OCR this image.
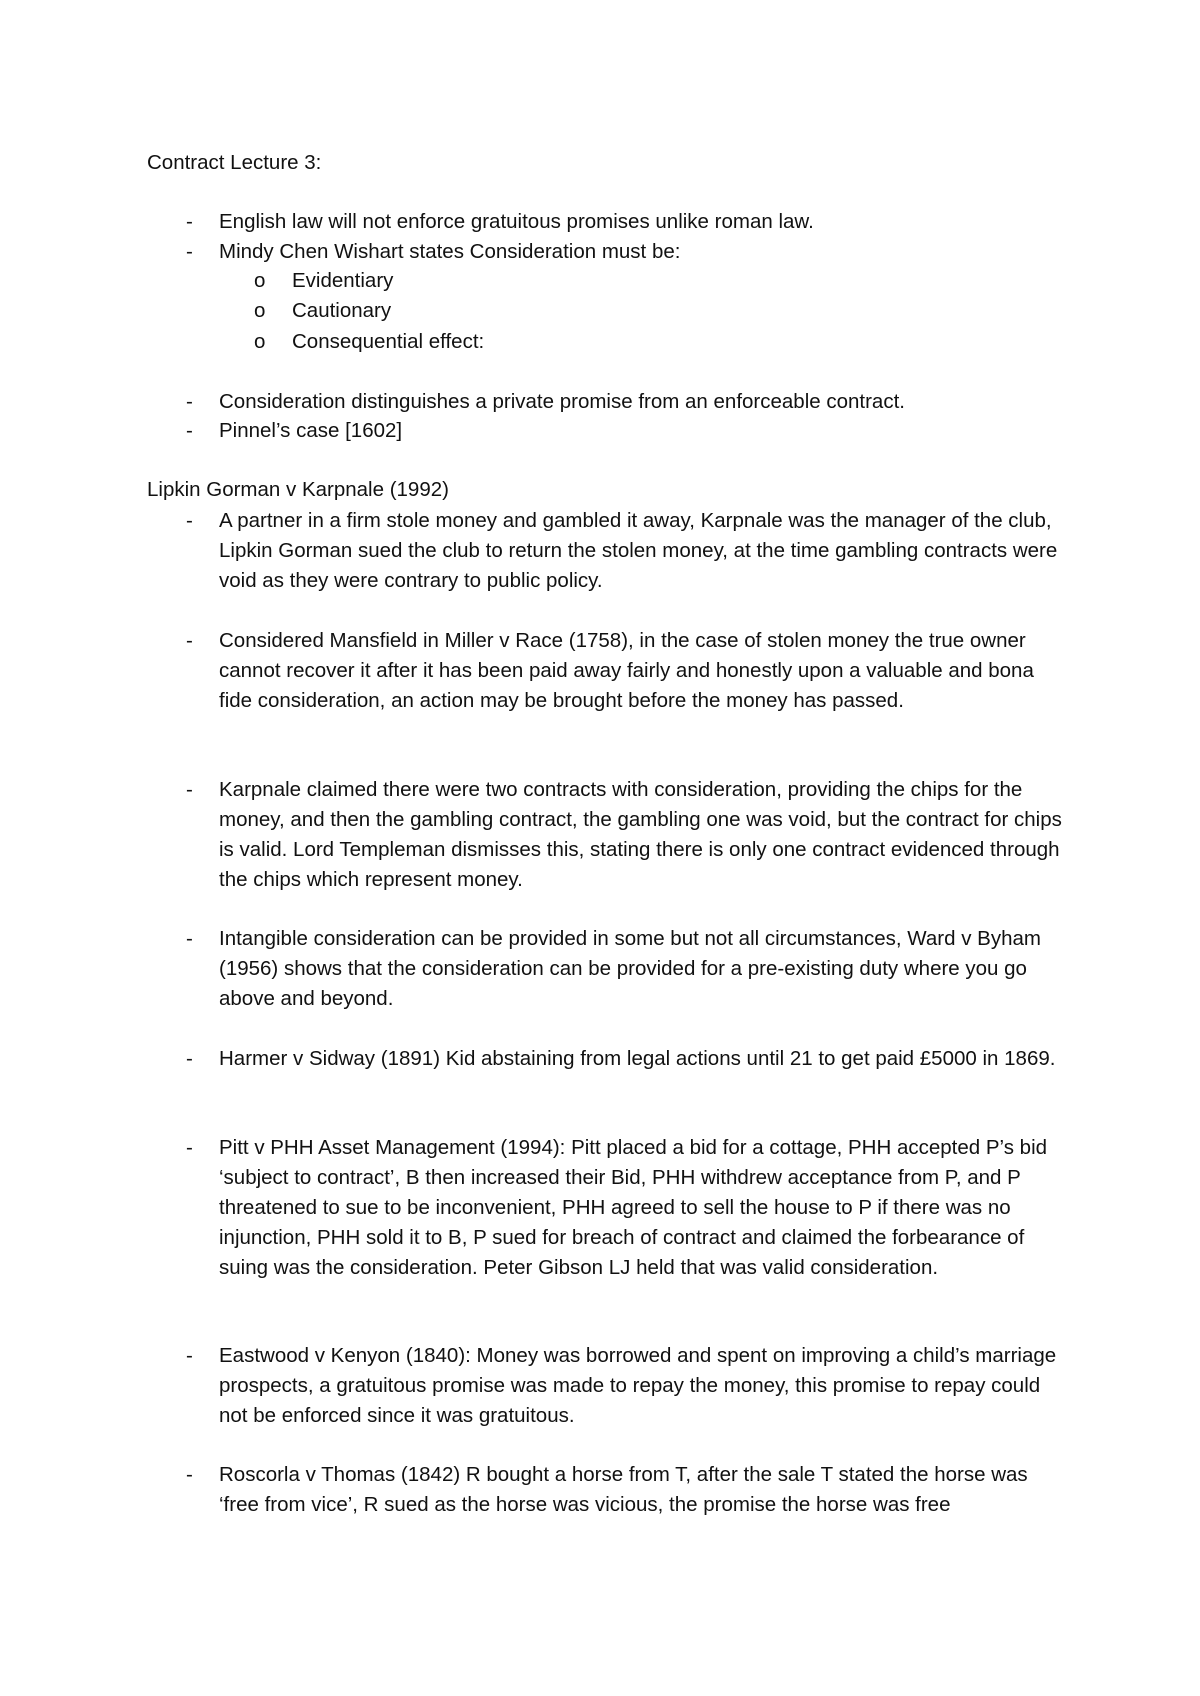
Contract Lecture 3:
- English law will not enforce gratuitous promises unlike roman law.
- Mindy Chen Wishart states Consideration must be:
o Evidentiary
o Cautionary
o Consequential effect:
- Consideration distinguishes a private promise from an enforceable contract.
- Pinnel’s case [1602]
Lipkin Gorman v Karpnale (1992)
- A partner in a firm stole money and gambled it away, Karpnale was the manager of the club, Lipkin Gorman sued the club to return the stolen money, at the time gambling contracts were void as they were contrary to public policy.
- Considered Mansfield in Miller v Race (1758), in the case of stolen money the true owner cannot recover it after it has been paid away fairly and honestly upon a valuable and bona fide consideration, an action may be brought before the money has passed.
- Karpnale claimed there were two contracts with consideration, providing the chips for the money, and then the gambling contract, the gambling one was void, but the contract for chips is valid. Lord Templeman dismisses this, stating there is only one contract evidenced through the chips which represent money.
- Intangible consideration can be provided in some but not all circumstances, Ward v Byham (1956) shows that the consideration can be provided for a pre-existing duty where you go above and beyond.
- Harmer v Sidway (1891) Kid abstaining from legal actions until 21 to get paid £5000 in 1869.
- Pitt v PHH Asset Management (1994): Pitt placed a bid for a cottage, PHH accepted P’s bid ‘subject to contract’, B then increased their Bid, PHH withdrew acceptance from P, and P threatened to sue to be inconvenient, PHH agreed to sell the house to P if there was no injunction, PHH sold it to B, P sued for breach of contract and claimed the forbearance of suing was the consideration. Peter Gibson LJ held that was valid consideration.
- Eastwood v Kenyon (1840): Money was borrowed and spent on improving a child’s marriage prospects, a gratuitous promise was made to repay the money, this promise to repay could not be enforced since it was gratuitous.
- Roscorla v Thomas (1842) R bought a horse from T, after the sale T stated the horse was ‘free from vice’, R sued as the horse was vicious, the promise the horse was free
